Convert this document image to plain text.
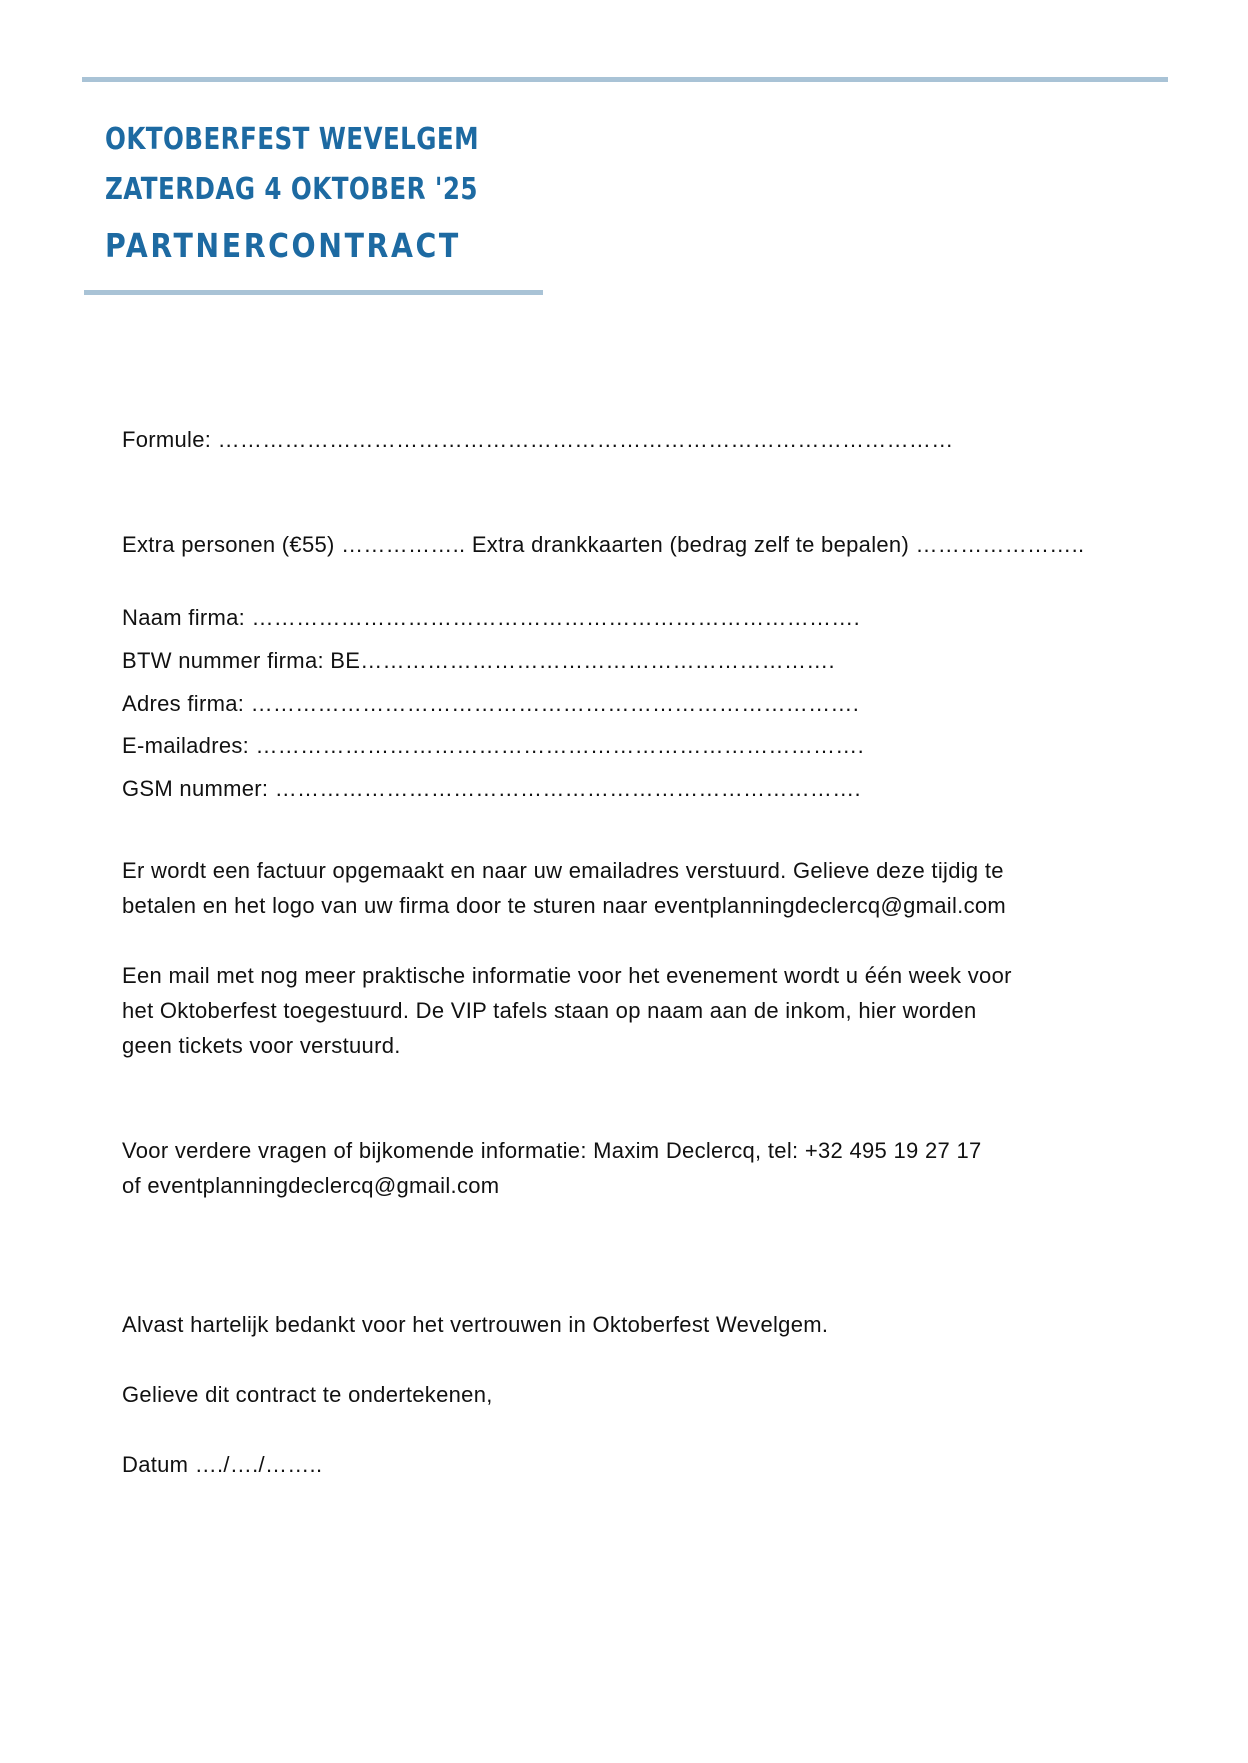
OKTOBERFEST WEVELGEM
ZATERDAG 4 OKTOBER '25
PARTNERCONTRACT
Formule: ………………………………………………………………………………………
Extra personen (€55) …………….. Extra drankkaarten (bedrag zelf te bepalen) …………………..
Naam firma: ……………………………………………………………………….
BTW nummer firma: BE……………………………………………………….
Adres firma: ……………………………………………………………………….
E-mailadres: ……………………………………………………………………….
GSM nummer: …………………………………………………………………….
Er wordt een factuur opgemaakt en naar uw emailadres verstuurd. Gelieve deze tijdig te
betalen en het logo van uw firma door te sturen naar eventplanningdeclercq@gmail.com
Een mail met nog meer praktische informatie voor het evenement wordt u één week voor
het Oktoberfest toegestuurd. De VIP tafels staan op naam aan de inkom, hier worden
geen tickets voor verstuurd.
Voor verdere vragen of bijkomende informatie: Maxim Declercq, tel: +32 495 19 27 17
of eventplanningdeclercq@gmail.com
Alvast hartelijk bedankt voor het vertrouwen in Oktoberfest Wevelgem.
Gelieve dit contract te ondertekenen,
Datum …./…./……..
